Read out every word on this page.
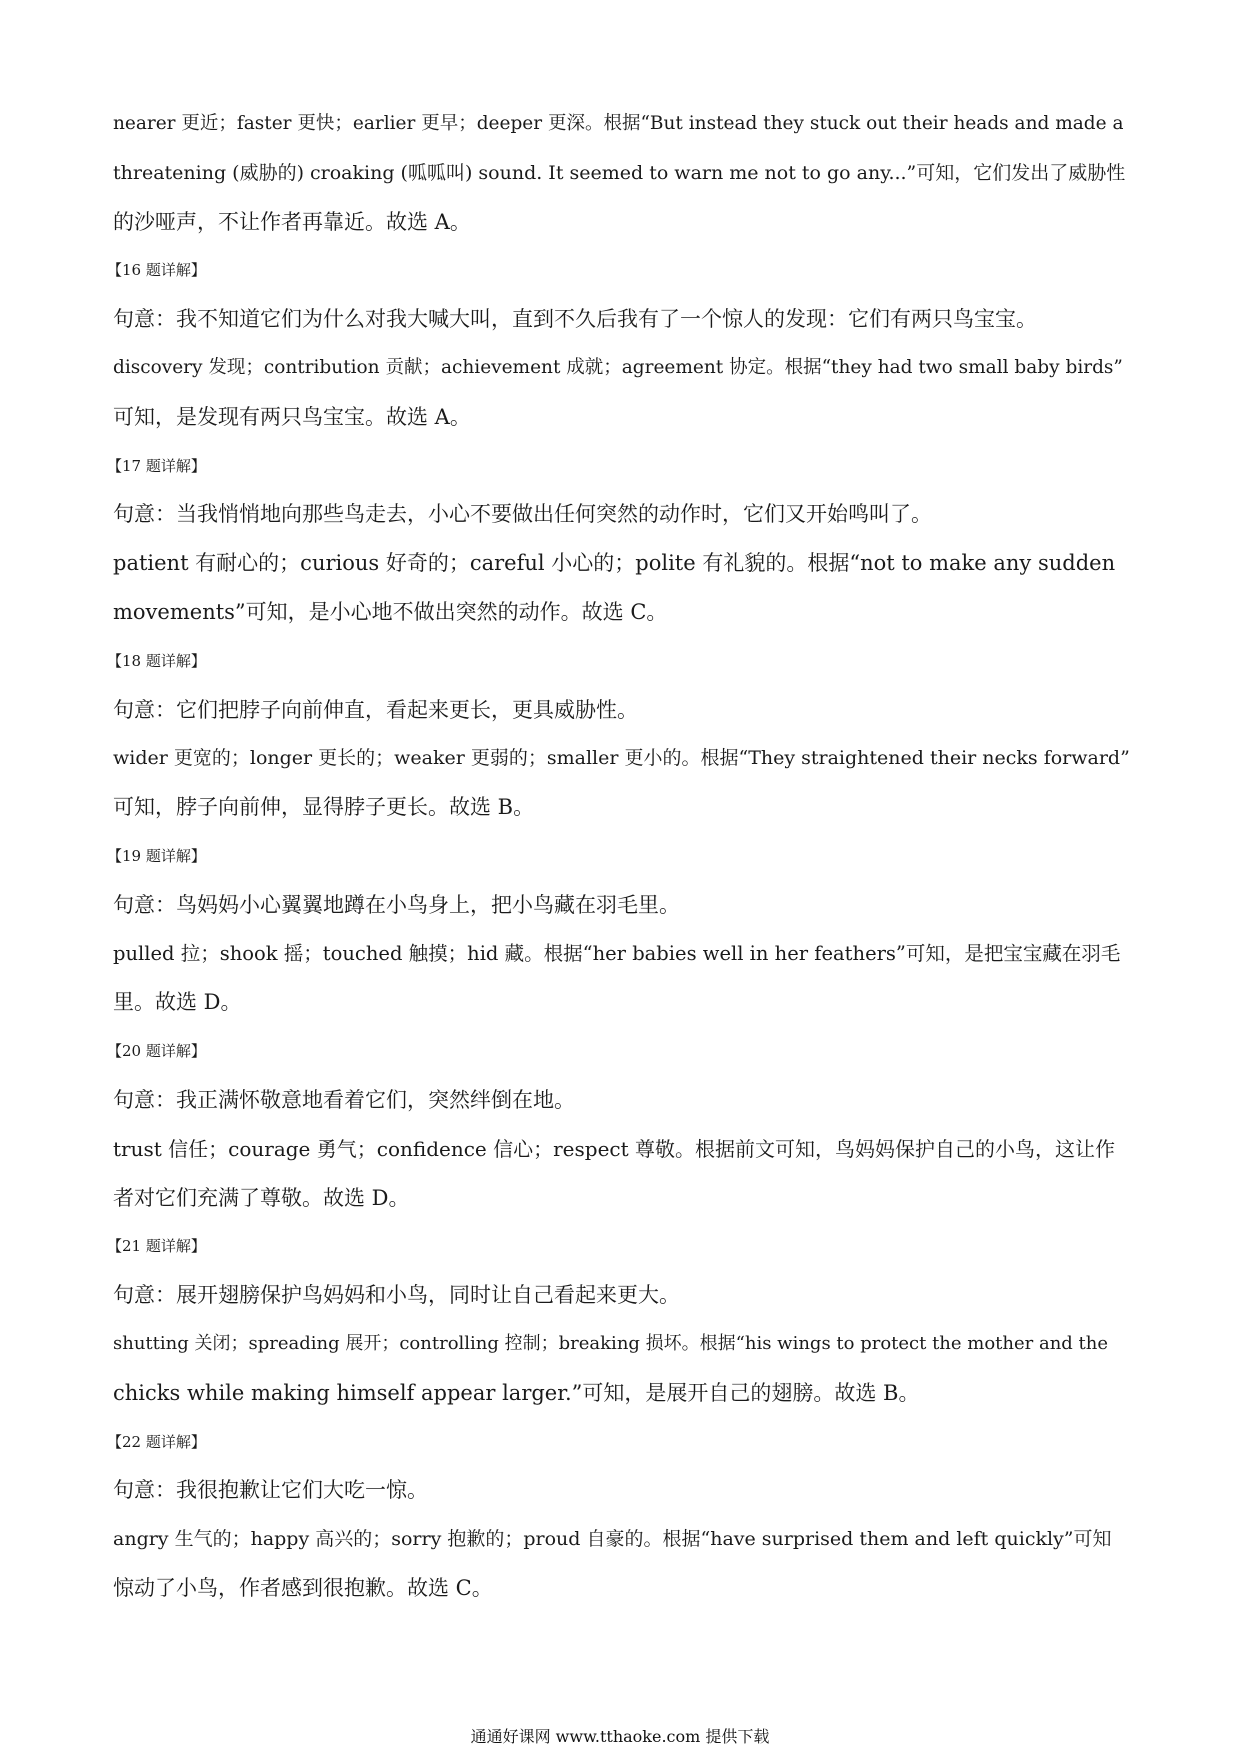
nearer 更近；faster 更快；earlier 更早；deeper 更深。根据“But instead they stuck out their heads and made a
threatening (威胁的) croaking (呱呱叫) sound. It seemed to warn me not to go any...”可知，它们发出了威胁性
的沙哑声，不让作者再靠近。故选 A。
【16 题详解】
句意：我不知道它们为什么对我大喊大叫，直到不久后我有了一个惊人的发现：它们有两只鸟宝宝。
discovery 发现；contribution 贡献；achievement 成就；agreement 协定。根据“they had two small baby birds”
可知，是发现有两只鸟宝宝。故选 A。
【17 题详解】
句意：当我悄悄地向那些鸟走去，小心不要做出任何突然的动作时，它们又开始鸣叫了。
patient 有耐心的；curious 好奇的；careful 小心的；polite 有礼貌的。根据“not to make any sudden
movements”可知，是小心地不做出突然的动作。故选 C。
【18 题详解】
句意：它们把脖子向前伸直，看起来更长，更具威胁性。
wider 更宽的；longer 更长的；weaker 更弱的；smaller 更小的。根据“They straightened their necks forward”
可知，脖子向前伸，显得脖子更长。故选 B。
【19 题详解】
句意：鸟妈妈小心翼翼地蹲在小鸟身上，把小鸟藏在羽毛里。
pulled 拉；shook 摇；touched 触摸；hid 藏。根据“her babies well in her feathers”可知，是把宝宝藏在羽毛
里。故选 D。
【20 题详解】
句意：我正满怀敬意地看着它们，突然绊倒在地。
trust 信任；courage 勇气；confidence 信心；respect 尊敬。根据前文可知，鸟妈妈保护自己的小鸟，这让作
者对它们充满了尊敬。故选 D。
【21 题详解】
句意：展开翅膀保护鸟妈妈和小鸟，同时让自己看起来更大。
shutting 关闭；spreading 展开；controlling 控制；breaking 损坏。根据“his wings to protect the mother and the
chicks while making himself appear larger.”可知，是展开自己的翅膀。故选 B。
【22 题详解】
句意：我很抱歉让它们大吃一惊。
angry 生气的；happy 高兴的；sorry 抱歉的；proud 自豪的。根据“have surprised them and left quickly”可知
惊动了小鸟，作者感到很抱歉。故选 C。
通通好课网 www.tthaoke.com 提供下载
